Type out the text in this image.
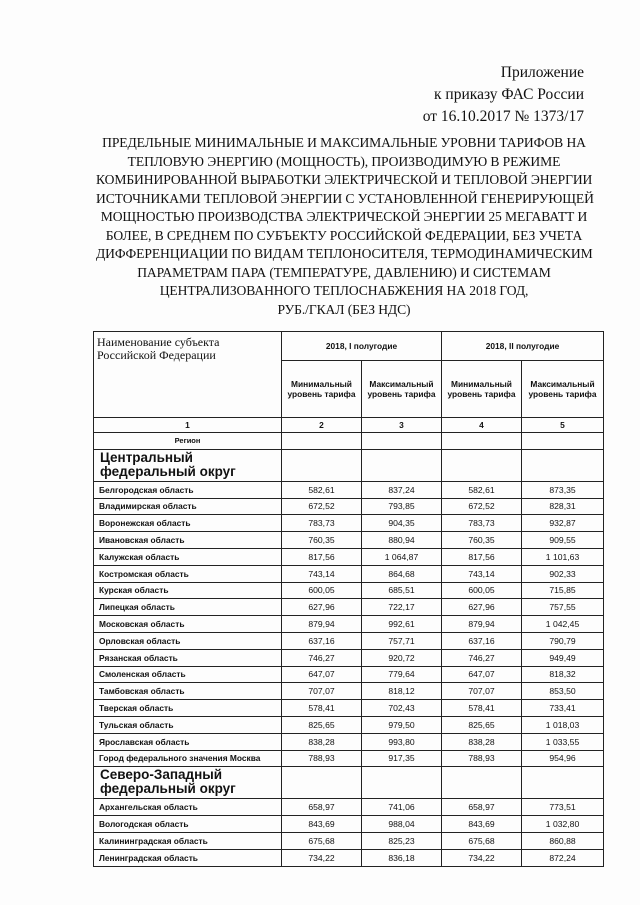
Приложение
к приказу ФАС России
от 16.10.2017 № 1373/17
ПРЕДЕЛЬНЫЕ МИНИМАЛЬНЫЕ И МАКСИМАЛЬНЫЕ УРОВНИ ТАРИФОВ НА
ТЕПЛОВУЮ ЭНЕРГИЮ (МОЩНОСТЬ), ПРОИЗВОДИМУЮ В РЕЖИМЕ
КОМБИНИРОВАННОЙ ВЫРАБОТКИ ЭЛЕКТРИЧЕСКОЙ И ТЕПЛОВОЙ ЭНЕРГИИ
ИСТОЧНИКАМИ ТЕПЛОВОЙ ЭНЕРГИИ С УСТАНОВЛЕННОЙ ГЕНЕРИРУЮЩЕЙ
МОЩНОСТЬЮ ПРОИЗВОДСТВА ЭЛЕКТРИЧЕСКОЙ ЭНЕРГИИ 25 МЕГАВАТТ И
БОЛЕЕ, В СРЕДНЕМ ПО СУБЪЕКТУ РОССИЙСКОЙ ФЕДЕРАЦИИ, БЕЗ УЧЕТА
ДИФФЕРЕНЦИАЦИИ ПО ВИДАМ ТЕПЛОНОСИТЕЛЯ, ТЕРМОДИНАМИЧЕСКИМ
ПАРАМЕТРАМ ПАРА (ТЕМПЕРАТУРЕ, ДАВЛЕНИЮ) И СИСТЕМАМ
ЦЕНТРАЛИЗОВАННОГО ТЕПЛОСНАБЖЕНИЯ НА 2018 ГОД,
РУБ./ГКАЛ (БЕЗ НДС)
Наименование субъекта Российской Федерации	2018, I полугодие		2018, II полугодие	
	Минимальный уровень тарифа	Максимальный уровень тарифа	Минимальный уровень тарифа	Максимальный уровень тарифа
1	2	3	4	5
Регион				
Центральный федеральный округ				
Белгородская область	582,61	837,24	582,61	873,35
Владимирская область	672,52	793,85	672,52	828,31
Воронежская область	783,73	904,35	783,73	932,87
Ивановская область	760,35	880,94	760,35	909,55
Калужская область	817,56	1 064,87	817,56	1 101,63
Костромская область	743,14	864,68	743,14	902,33
Курская область	600,05	685,51	600,05	715,85
Липецкая область	627,96	722,17	627,96	757,55
Московская область	879,94	992,61	879,94	1 042,45
Орловская область	637,16	757,71	637,16	790,79
Рязанская область	746,27	920,72	746,27	949,49
Смоленская область	647,07	779,64	647,07	818,32
Тамбовская область	707,07	818,12	707,07	853,50
Тверская область	578,41	702,43	578,41	733,41
Тульская область	825,65	979,50	825,65	1 018,03
Ярославская область	838,28	993,80	838,28	1 033,55
Город федерального значения Москва	788,93	917,35	788,93	954,96
Северо-Западный федеральный округ				
Архангельская область	658,97	741,06	658,97	773,51
Вологодская область	843,69	988,04	843,69	1 032,80
Калининградская область	675,68	825,23	675,68	860,88
Ленинградская область	734,22	836,18	734,22	872,24
